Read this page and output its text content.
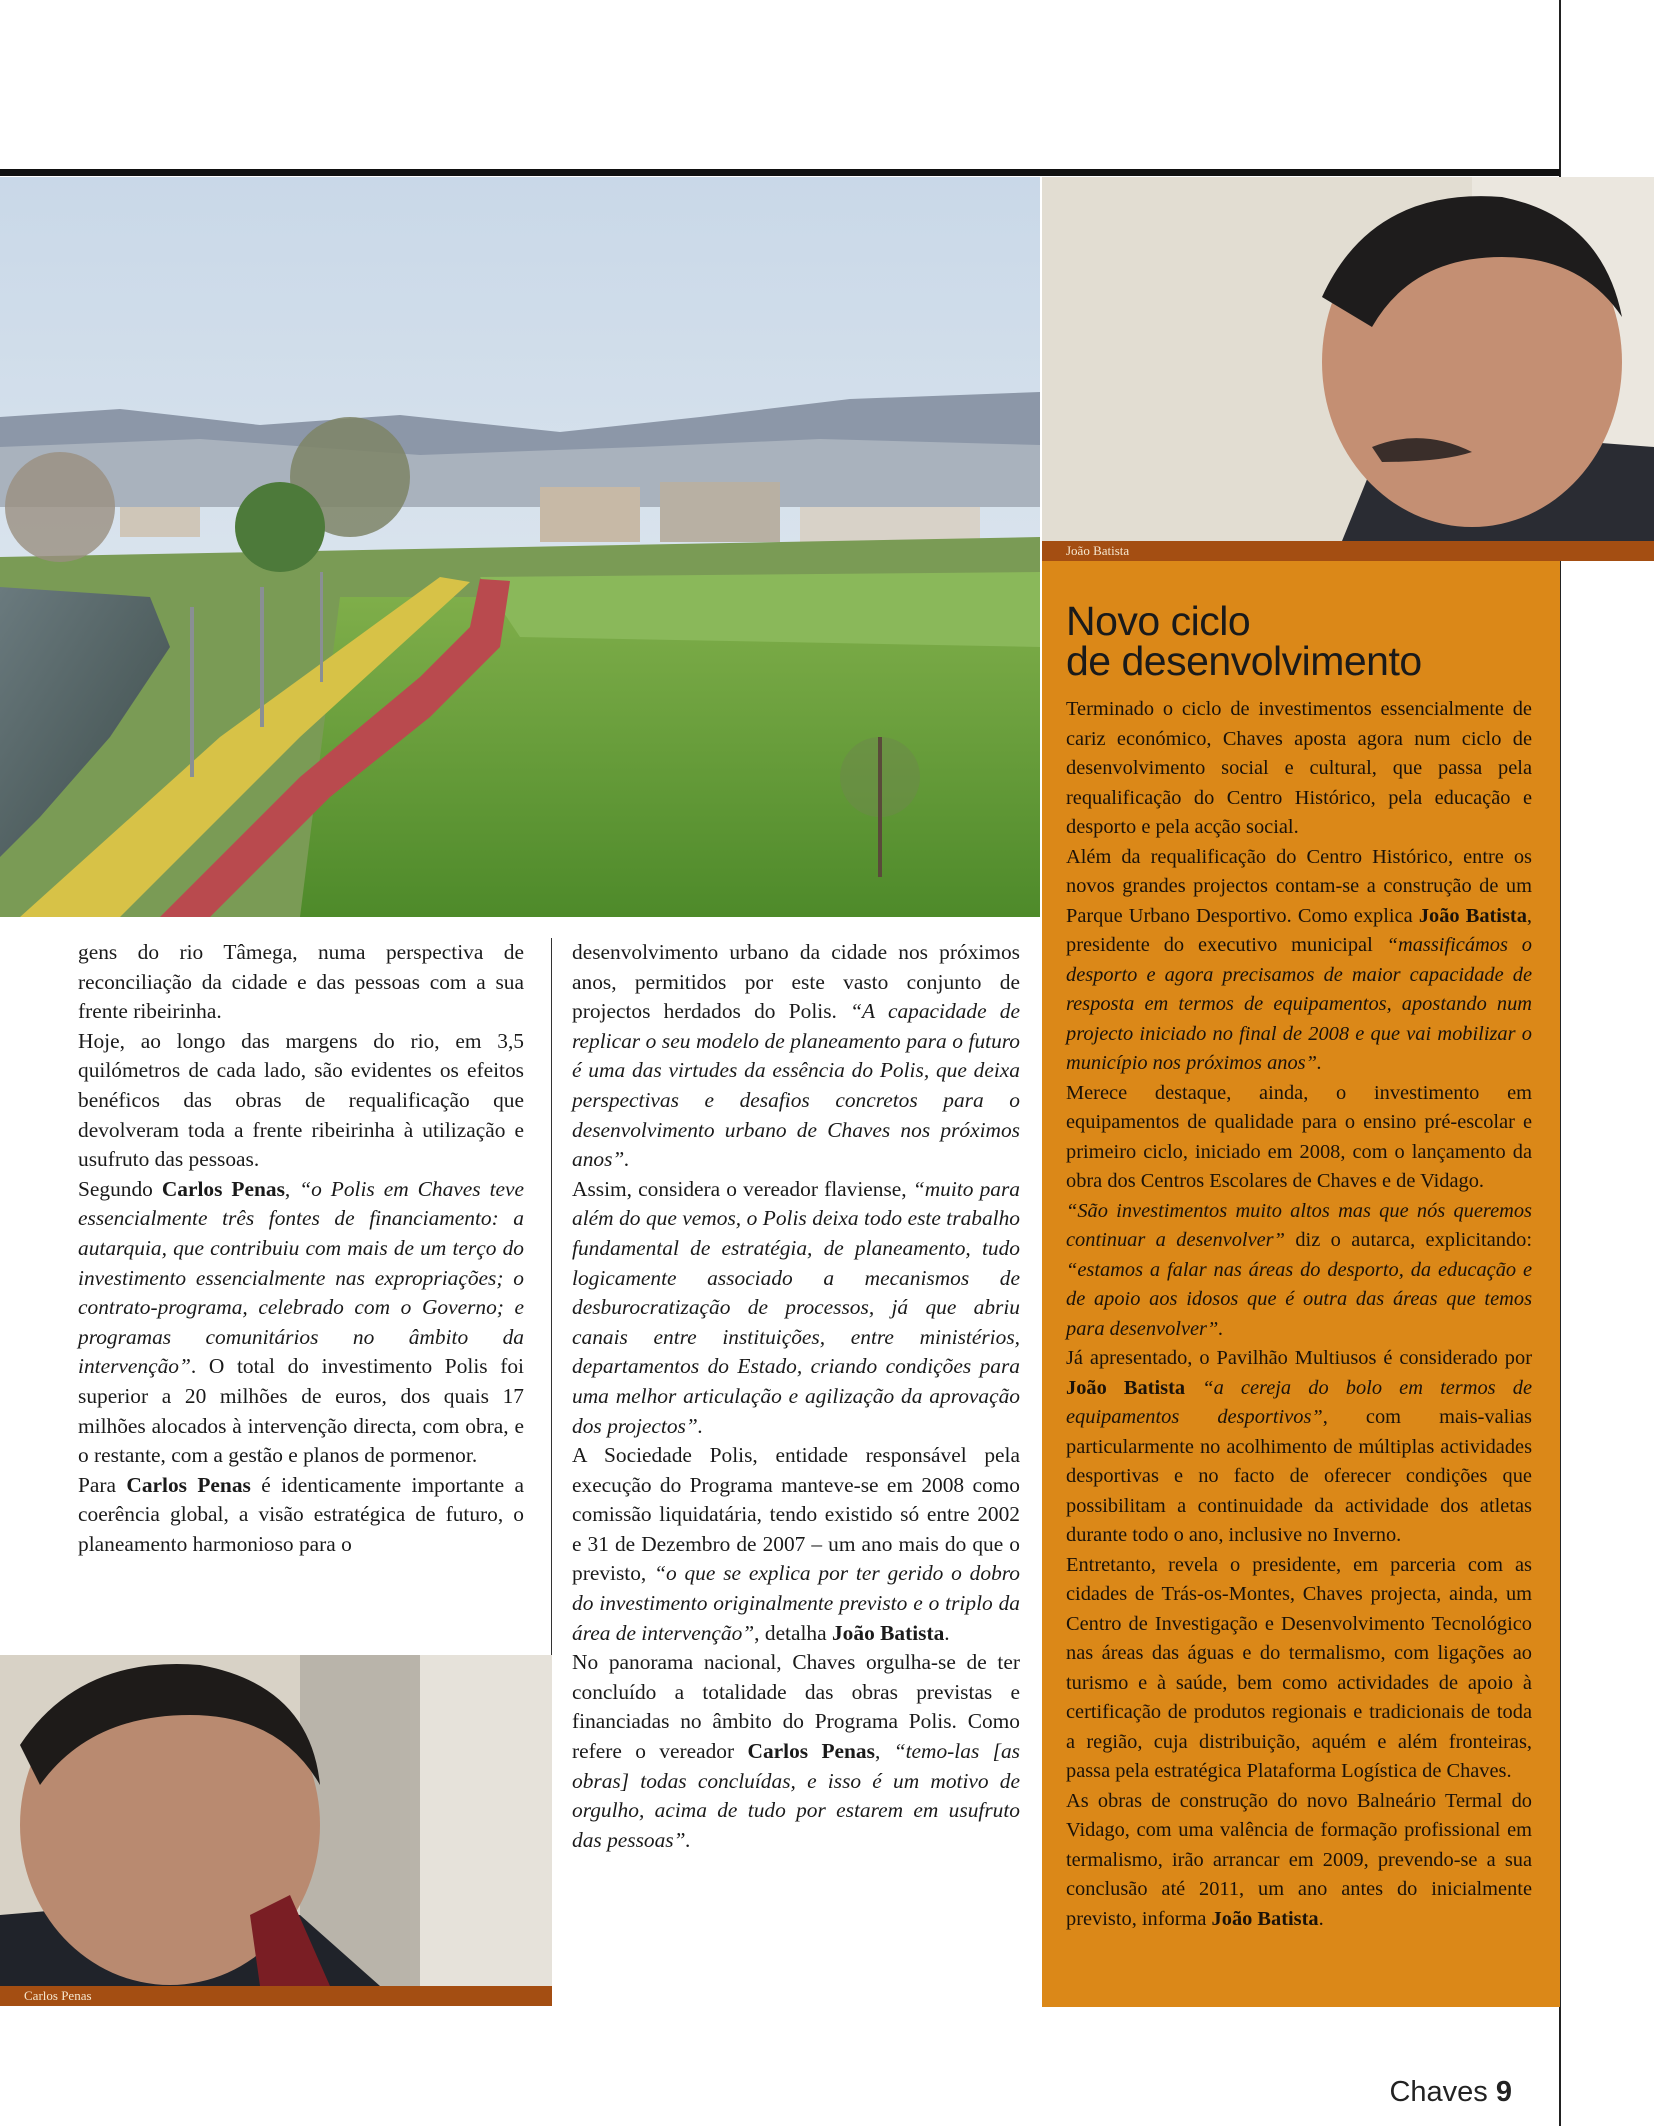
João Batista
Novo ciclo
de desenvolvimento

Terminado o ciclo de investimentos essencialmente de cariz económico, Chaves aposta agora num ciclo de desenvolvimento social e cultural, que passa pela requalificação do Centro Histórico, pela educação e desporto e pela acção social.

Além da requalificação do Centro Histórico, entre os novos grandes projectos contam-se a construção de um Parque Urbano Desportivo. Como explica João Batista, presidente do executivo municipal “massificámos o desporto e agora precisamos de maior capacidade de resposta em termos de equipamentos, apostando num projecto iniciado no final de 2008 e que vai mobilizar o município nos próximos anos”.

Merece destaque, ainda, o investimento em equipamentos de qualidade para o ensino pré-escolar e primeiro ciclo, iniciado em 2008, com o lançamento da obra dos Centros Escolares de Chaves e de Vidago.

“São investimentos muito altos mas que nós queremos continuar a desenvolver” diz o autarca, explicitando: “estamos a falar nas áreas do desporto, da educação e de apoio aos idosos que é outra das áreas que temos para desenvolver”.

Já apresentado, o Pavilhão Multiusos é considerado por João Batista “a cereja do bolo em termos de equipamentos desportivos”, com mais-valias particularmente no acolhimento de múltiplas actividades desportivas e no facto de oferecer condições que possibilitam a continuidade da actividade dos atletas durante todo o ano, inclusive no Inverno.

Entretanto, revela o presidente, em parceria com as cidades de Trás-os-Montes, Chaves projecta, ainda, um Centro de Investigação e Desenvolvimento Tecnológico nas áreas das águas e do termalismo, com ligações ao turismo e à saúde, bem como actividades de apoio à certificação de produtos regionais e tradicionais de toda a região, cuja distribuição, aquém e além fronteiras, passa pela estratégica Plataforma Logística de Chaves.

As obras de construção do novo Balneário Termal do Vidago, com uma valência de formação profissional em termalismo, irão arrancar em 2009, prevendo-se a sua conclusão até 2011, um ano antes do inicialmente previsto, informa João Batista.

gens do rio Tâmega, numa perspectiva de reconciliação da cidade e das pessoas com a sua frente ribeirinha.

Hoje, ao longo das margens do rio, em 3,5 quilómetros de cada lado, são evidentes os efeitos benéficos das obras de requalificação que devolveram toda a frente ribeirinha à utilização e usufruto das pessoas.

Segundo Carlos Penas, “o Polis em Chaves teve essencialmente três fontes de financiamento: a autarquia, que contribuiu com mais de um terço do investimento essencialmente nas expropriações; o contrato-programa, celebrado com o Governo; e programas comunitários no âmbito da intervenção”. O total do investimento Polis foi superior a 20 milhões de euros, dos quais 17 milhões alocados à intervenção directa, com obra, e o restante, com a gestão e planos de pormenor.

Para Carlos Penas é identicamente importante a coerência global, a visão estratégica de futuro, o planeamento harmonioso para o

desenvolvimento urbano da cidade nos próximos anos, permitidos por este vasto conjunto de projectos herdados do Polis. “A capacidade de replicar o seu modelo de planeamento para o futuro é uma das virtudes da essência do Polis, que deixa perspectivas e desafios concretos para o desenvolvimento urbano de Chaves nos próximos anos”.

Assim, considera o vereador flaviense, “muito para além do que vemos, o Polis deixa todo este trabalho fundamental de estratégia, de planeamento, tudo logicamente associado a mecanismos de desburocratização de processos, já que abriu canais entre instituições, entre ministérios, departamentos do Estado, criando condições para uma melhor articulação e agilização da aprovação dos projectos”.

A Sociedade Polis, entidade responsável pela execução do Programa manteve-se em 2008 como comissão liquidatária, tendo existido só entre 2002 e 31 de Dezembro de 2007 – um ano mais do que o previsto, “o que se explica por ter gerido o dobro do investimento originalmente previsto e o triplo da área de intervenção”, detalha João Batista.

No panorama nacional, Chaves orgulha-se de ter concluído a totalidade das obras previstas e financiadas no âmbito do Programa Polis. Como refere o vereador Carlos Penas, “temo-las [as obras] todas concluídas, e isso é um motivo de orgulho, acima de tudo por estarem em usufruto das pessoas”.

Carlos Penas
Chaves 9
